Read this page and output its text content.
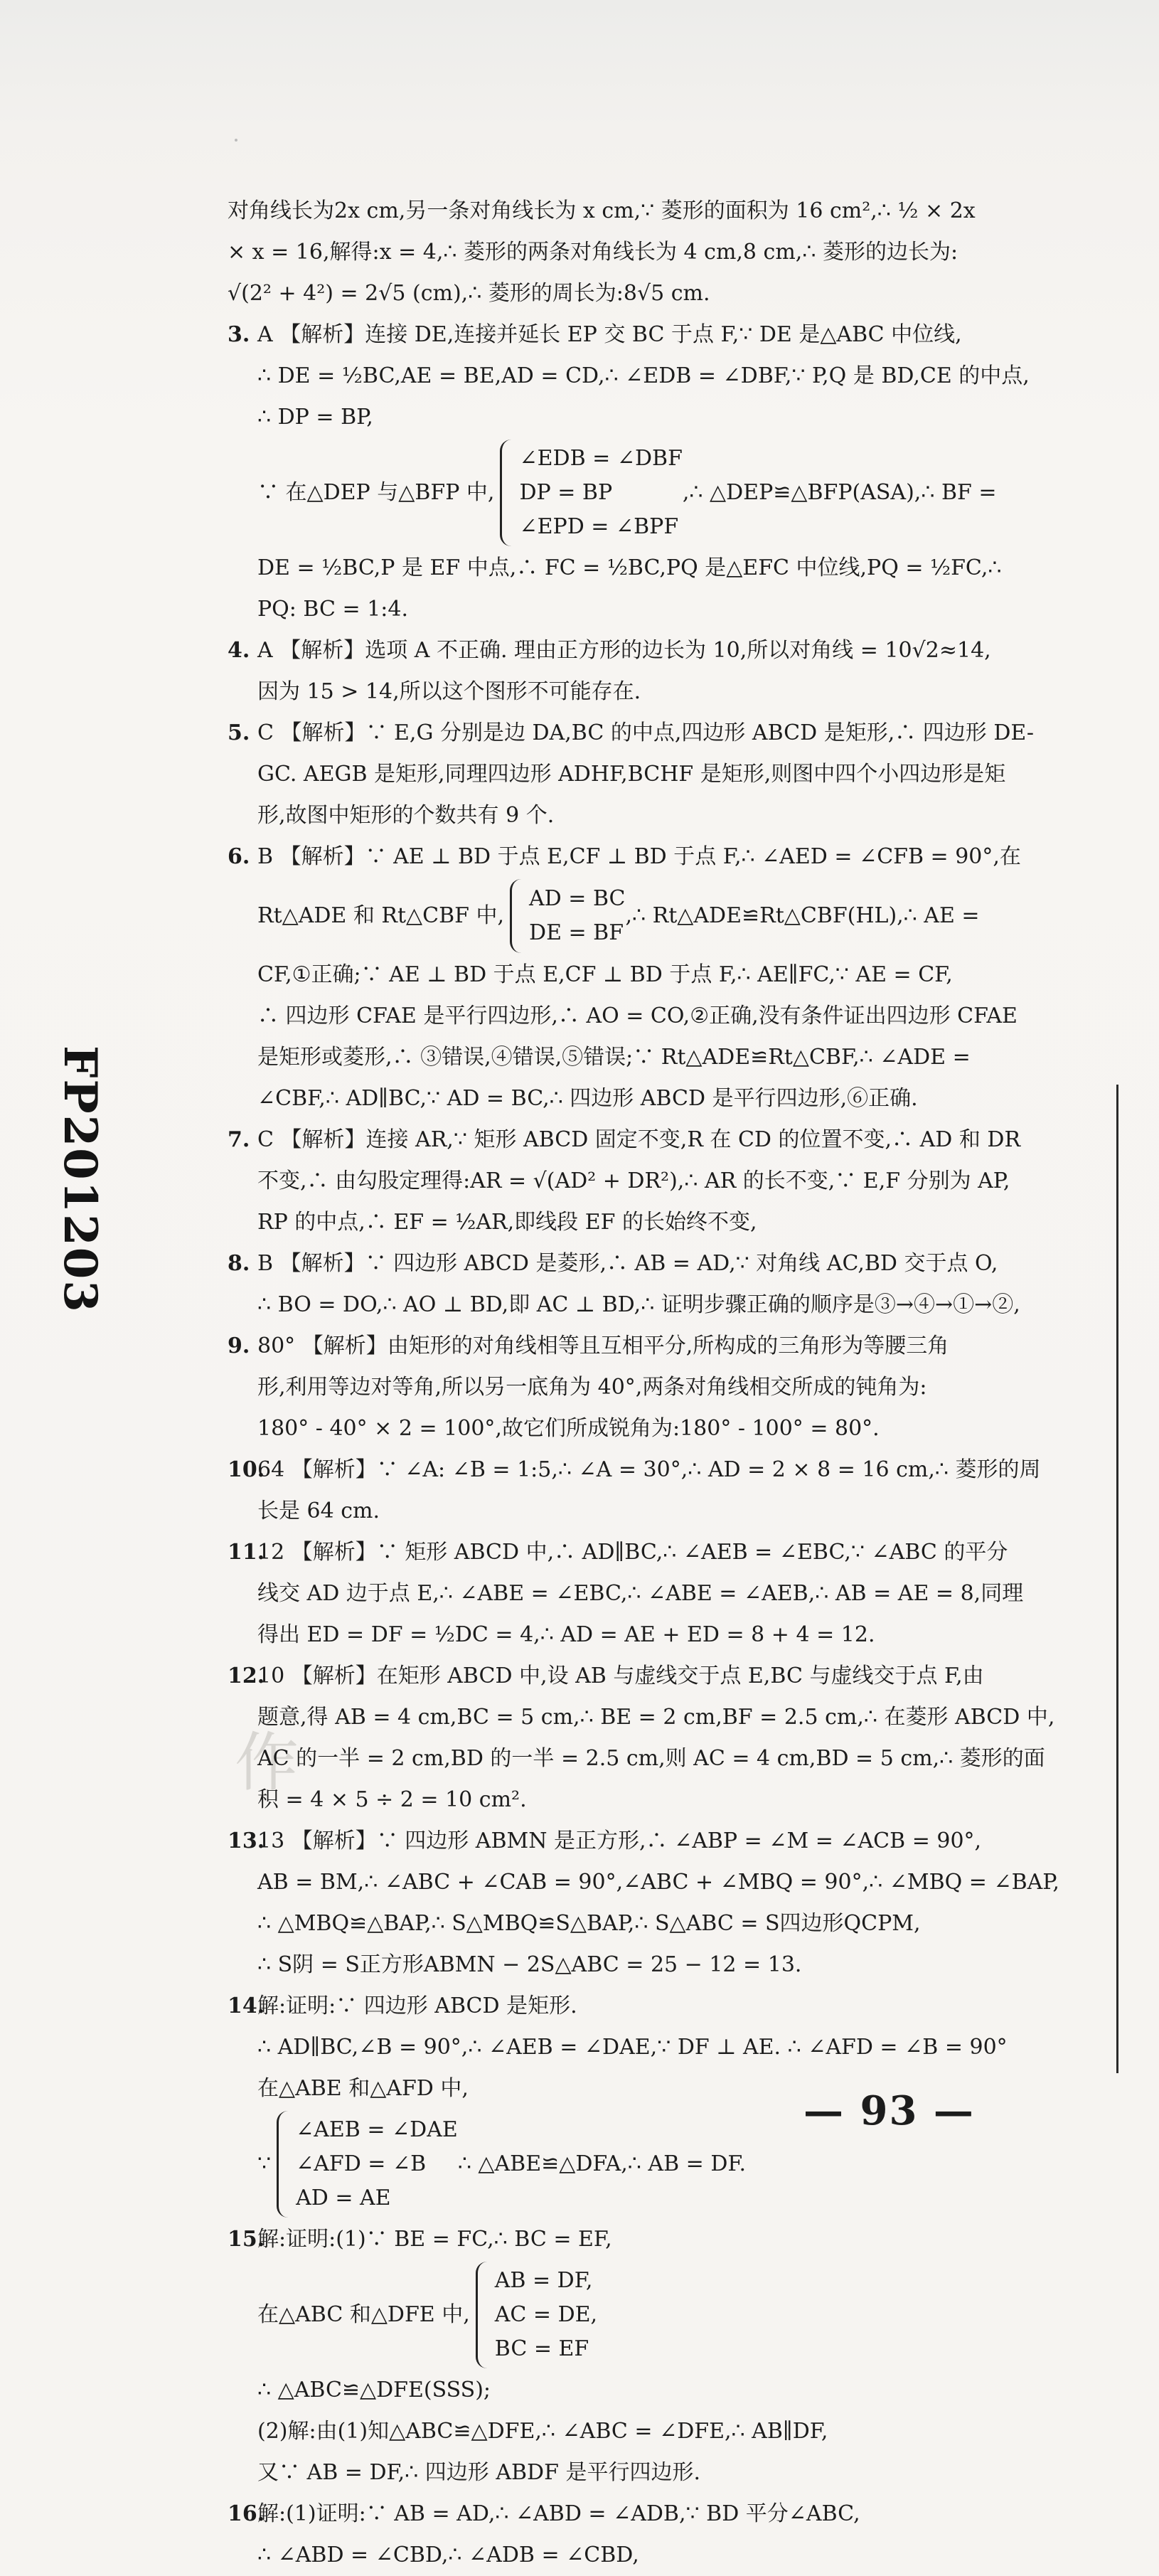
FP201203
作
对角线长为2x cm,另一条对角线长为 x cm,∵ 菱形的面积为 16 cm²,∴ ½ × 2x
× x = 16,解得:x = 4,∴ 菱形的两条对角线长为 4 cm,8 cm,∴ 菱形的边长为:
√(2² + 4²) = 2√5 (cm),∴ 菱形的周长为:8√5 cm.
3. A 【解析】连接 DE,连接并延长 EP 交 BC 于点 F,∵ DE 是△ABC 中位线,
∴ DE = ½BC,AE = BE,AD = CD,∴ ∠EDB = ∠DBF,∵ P,Q 是 BD,CE 的中点,
∴ DP = BP,
∵ 在△DEP 与△BFP 中,
∠EDB = ∠DBF
DP = BP
∠EPD = ∠BPF
,∴ △DEP≌△BFP(ASA),∴ BF =
DE = ½BC,P 是 EF 中点,∴ FC = ½BC,PQ 是△EFC 中位线,PQ = ½FC,∴
PQ: BC = 1:4.
4. A 【解析】选项 A 不正确. 理由正方形的边长为 10,所以对角线 = 10√2≈14,
因为 15 > 14,所以这个图形不可能存在.
5. C 【解析】∵ E,G 分别是边 DA,BC 的中点,四边形 ABCD 是矩形,∴ 四边形 DE-
GC. AEGB 是矩形,同理四边形 ADHF,BCHF 是矩形,则图中四个小四边形是矩
形,故图中矩形的个数共有 9 个.
6. B 【解析】∵ AE ⊥ BD 于点 E,CF ⊥ BD 于点 F,∴ ∠AED = ∠CFB = 90°,在
Rt△ADE 和 Rt△CBF 中,
AD = BC
DE = BF
,∴ Rt△ADE≌Rt△CBF(HL),∴ AE =
CF,①正确;∵ AE ⊥ BD 于点 E,CF ⊥ BD 于点 F,∴ AE∥FC,∵ AE = CF,
∴ 四边形 CFAE 是平行四边形,∴ AO = CO,②正确,没有条件证出四边形 CFAE
是矩形或菱形,∴ ③错误,④错误,⑤错误;∵ Rt△ADE≌Rt△CBF,∴ ∠ADE =
∠CBF,∴ AD∥BC,∵ AD = BC,∴ 四边形 ABCD 是平行四边形,⑥正确.
7. C 【解析】连接 AR,∵ 矩形 ABCD 固定不变,R 在 CD 的位置不变,∴ AD 和 DR
不变,∴ 由勾股定理得:AR = √(AD² + DR²),∴ AR 的长不变,∵ E,F 分别为 AP,
RP 的中点,∴ EF = ½AR,即线段 EF 的长始终不变,
8. B 【解析】∵ 四边形 ABCD 是菱形,∴ AB = AD,∵ 对角线 AC,BD 交于点 O,
∴ BO = DO,∴ AO ⊥ BD,即 AC ⊥ BD,∴ 证明步骤正确的顺序是③→④→①→②,
9. 80° 【解析】由矩形的对角线相等且互相平分,所构成的三角形为等腰三角
形,利用等边对等角,所以另一底角为 40°,两条对角线相交所成的钝角为:
180° - 40° × 2 = 100°,故它们所成锐角为:180° - 100° = 80°.
10.
64 【解析】∵ ∠A: ∠B = 1:5,∴ ∠A = 30°,∴ AD = 2 × 8 = 16 cm,∴ 菱形的周
长是 64 cm.
11.
12 【解析】∵ 矩形 ABCD 中,∴ AD∥BC,∴ ∠AEB = ∠EBC,∵ ∠ABC 的平分
线交 AD 边于点 E,∴ ∠ABE = ∠EBC,∴ ∠ABE = ∠AEB,∴ AB = AE = 8,同理
得出 ED = DF = ½DC = 4,∴ AD = AE + ED = 8 + 4 = 12.
12.
10 【解析】在矩形 ABCD 中,设 AB 与虚线交于点 E,BC 与虚线交于点 F,由
题意,得 AB = 4 cm,BC = 5 cm,∴ BE = 2 cm,BF = 2.5 cm,∴ 在菱形 ABCD 中,
AC 的一半 = 2 cm,BD 的一半 = 2.5 cm,则 AC = 4 cm,BD = 5 cm,∴ 菱形的面
积 = 4 × 5 ÷ 2 = 10 cm².
13.
13 【解析】∵ 四边形 ABMN 是正方形,∴ ∠ABP = ∠M = ∠ACB = 90°,
AB = BM,∴ ∠ABC + ∠CAB = 90°,∠ABC + ∠MBQ = 90°,∴ ∠MBQ = ∠BAP,
∴ △MBQ≌△BAP,∴ S△MBQ≌S△BAP,∴ S△ABC = S四边形QCPM,
∴ S阴 = S正方形ABMN − 2S△ABC = 25 − 12 = 13.
14.
解:证明:∵ 四边形 ABCD 是矩形.
∴ AD∥BC,∠B = 90°,∴ ∠AEB = ∠DAE,∵ DF ⊥ AE. ∴ ∠AFD = ∠B = 90°
在△ABE 和△AFD 中,
∵
∠AEB = ∠DAE
∠AFD = ∠B
AD = AE
∴ △ABE≌△DFA,∴ AB = DF.
15.
解:证明:(1)∵ BE = FC,∴ BC = EF,
在△ABC 和△DFE 中,
AB = DF,
AC = DE,
BC = EF
∴ △ABC≌△DFE(SSS);
(2)解:由(1)知△ABC≌△DFE,∴ ∠ABC = ∠DFE,∴ AB∥DF,
又∵ AB = DF,∴ 四边形 ABDF 是平行四边形.
16.
解:(1)证明:∵ AB = AD,∴ ∠ABD = ∠ADB,∵ BD 平分∠ABC,
∴ ∠ABD = ∠CBD,∴ ∠ADB = ∠CBD,
— 93 —
